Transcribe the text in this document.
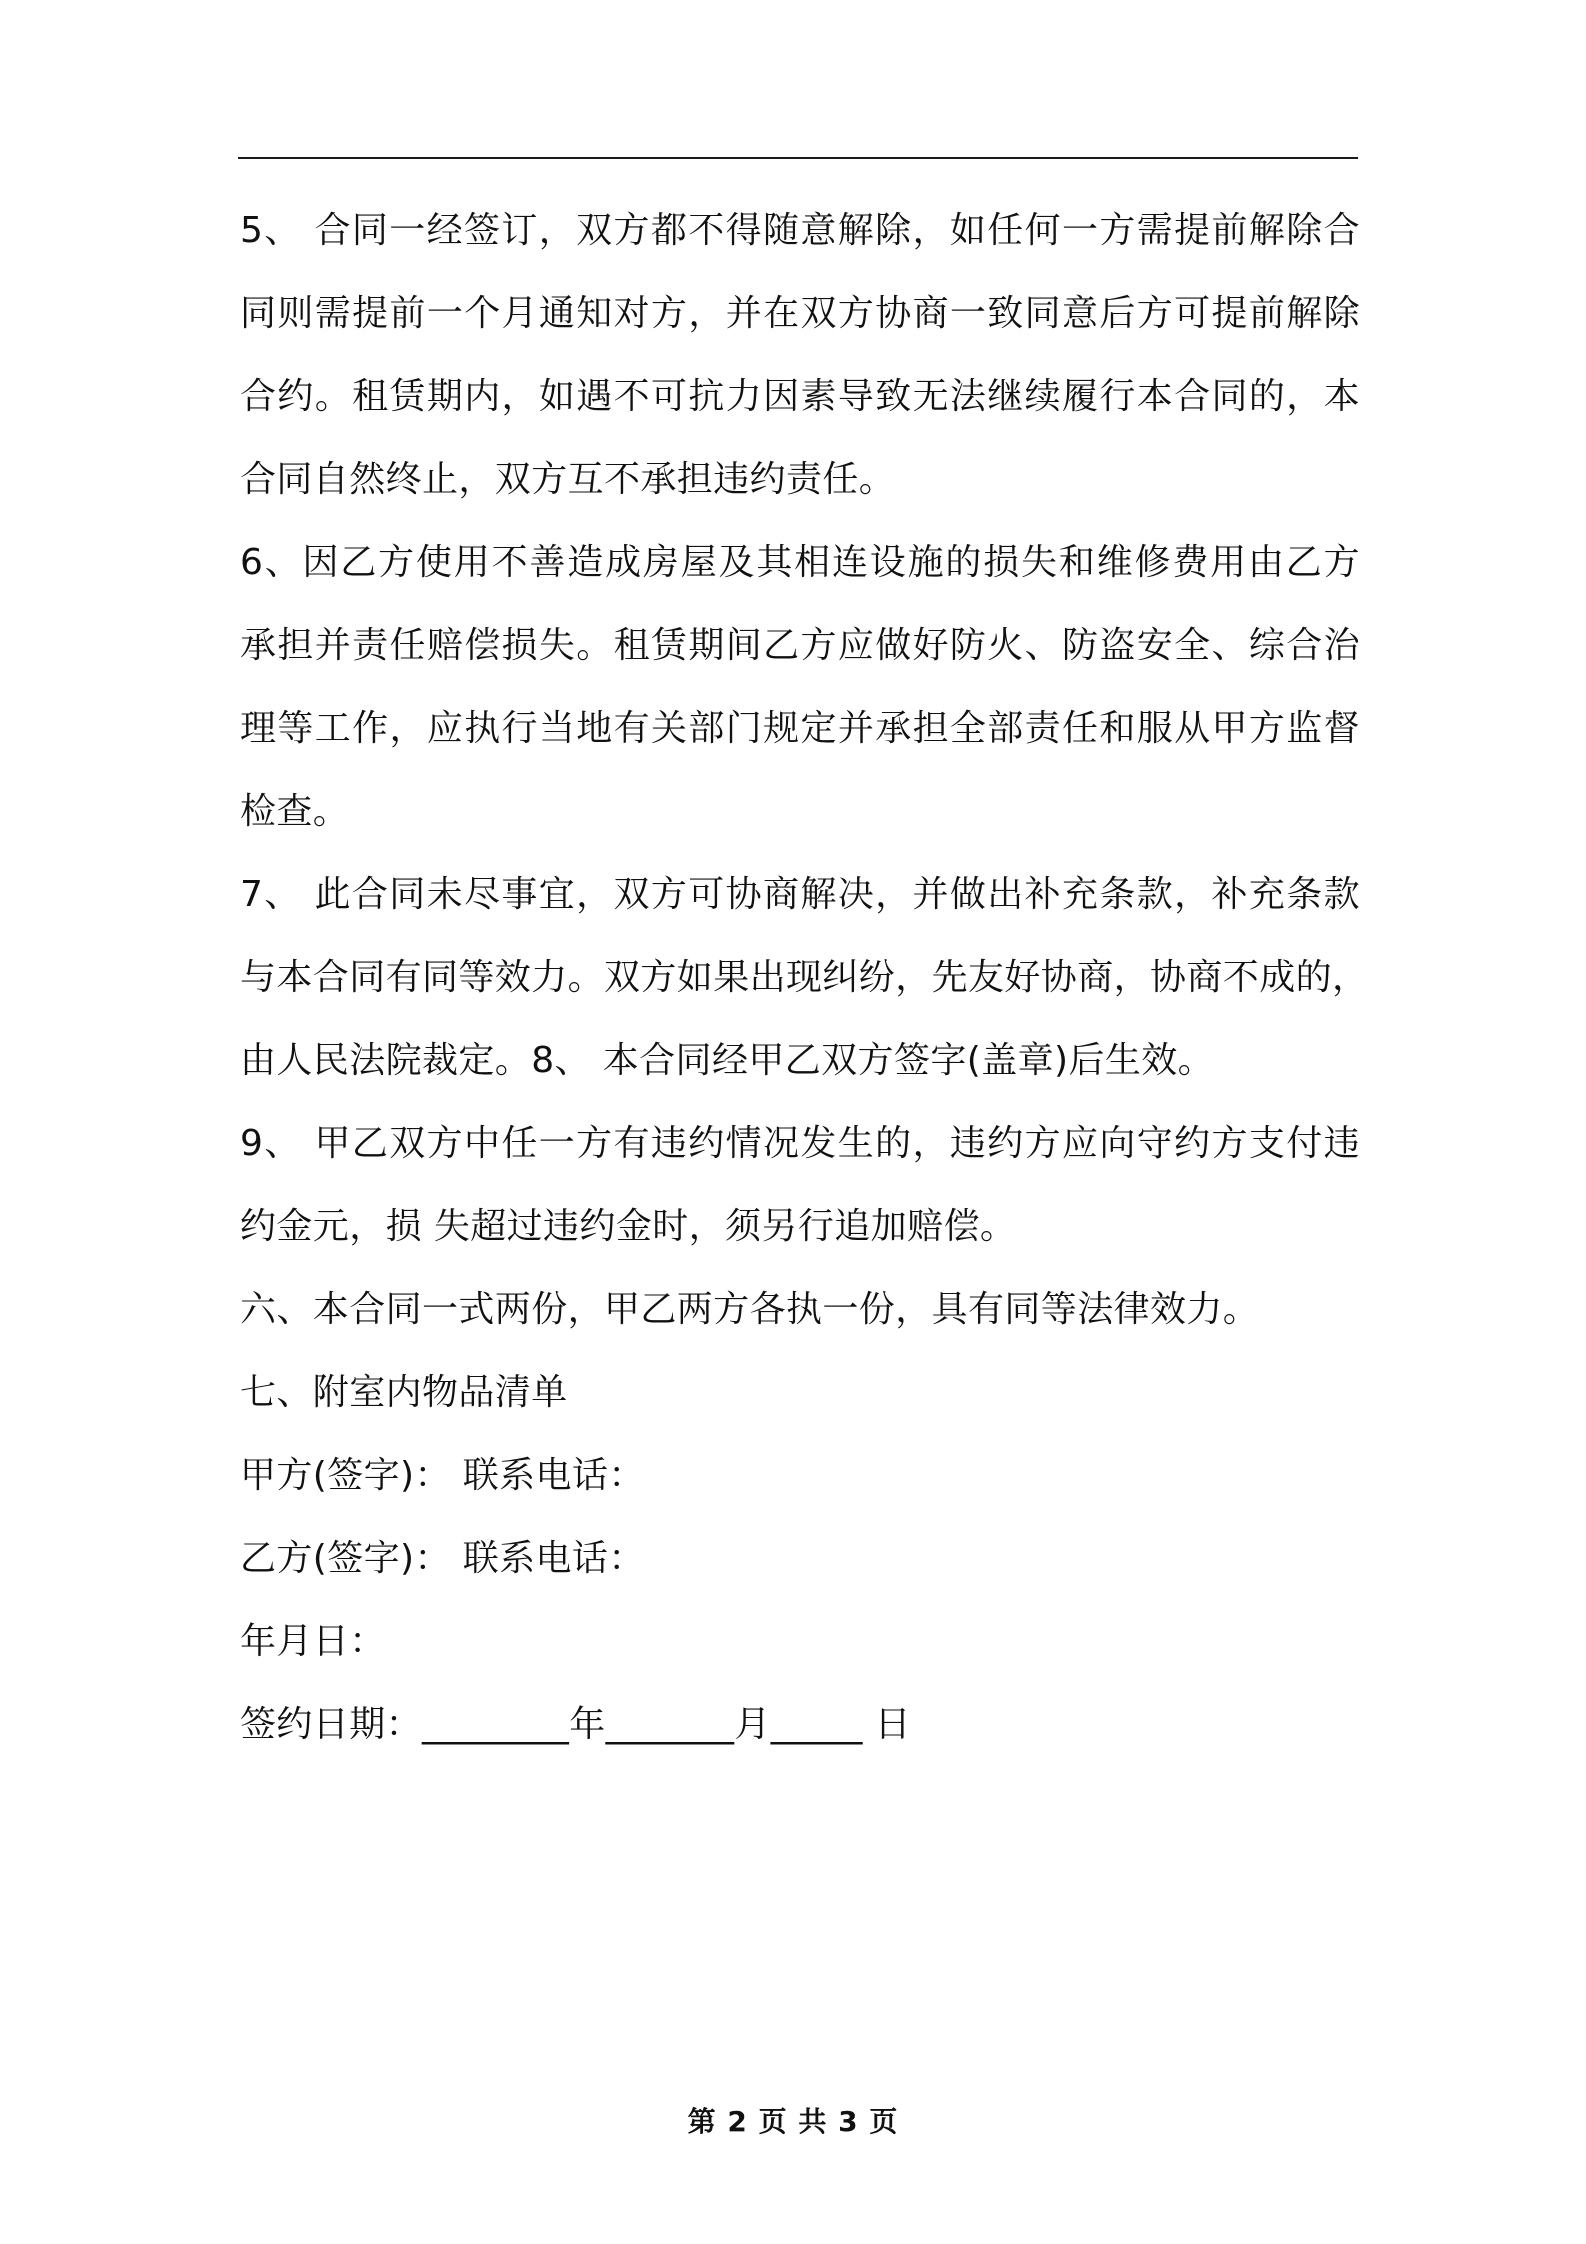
5、 合同一经签订，双方都不得随意解除，如任何一方需提前解除合
同则需提前一个月通知对方，并在双方协商一致同意后方可提前解除
合约。租赁期内，如遇不可抗力因素导致无法继续履行本合同的，本
合同自然终止，双方互不承担违约责任。
6、因乙方使用不善造成房屋及其相连设施的损失和维修费用由乙方
承担并责任赔偿损失。租赁期间乙方应做好防火、防盗安全、综合治
理等工作，应执行当地有关部门规定并承担全部责任和服从甲方监督
检查。
7、 此合同未尽事宜，双方可协商解决，并做出补充条款，补充条款
与本合同有同等效力。双方如果出现纠纷，先友好协商，协商不成的，
由人民法院裁定。8、 本合同经甲乙双方签字(盖章)后生效。
9、 甲乙双方中任一方有违约情况发生的，违约方应向守约方支付违
约金元，损 失超过违约金时，须另行追加赔偿。
六、本合同一式两份，甲乙两方各执一份，具有同等法律效力。
七、附室内物品清单
甲方(签字)： 联系电话：
乙方(签字)： 联系电话：
年月日：
签约日期：________年_______月_____ 日
第 2 页 共 3 页
